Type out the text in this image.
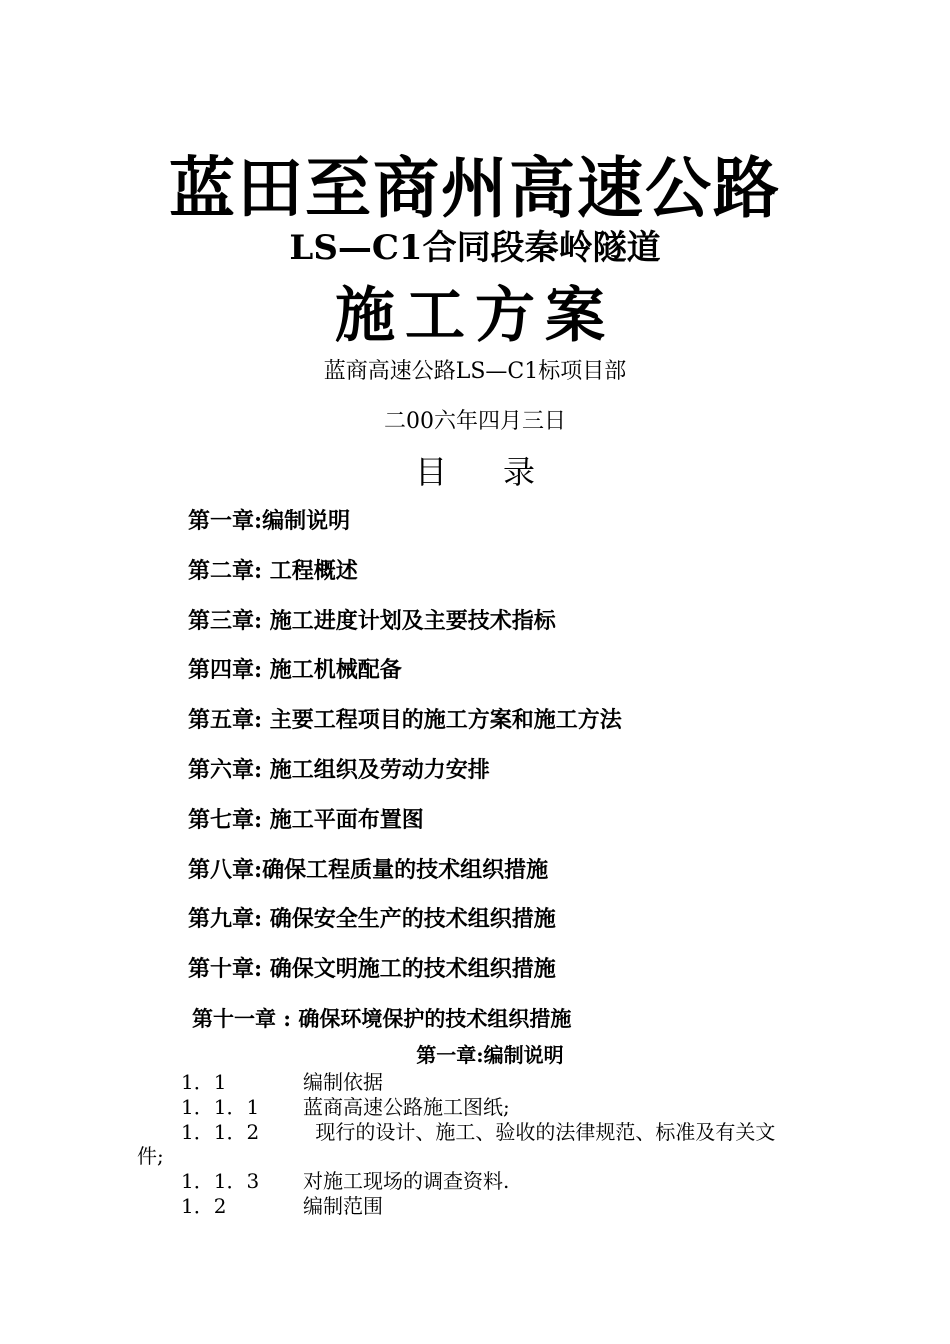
蓝田至商州高速公路
LS—C1合同段秦岭隧道
施工方案
蓝商高速公路LS—C1标项目部
二00六年四月三日
目 录
第一章:编制说明
第二章: 工程概述
第三章: 施工进度计划及主要技术指标
第四章: 施工机械配备
第五章: 主要工程项目的施工方案和施工方法
第六章: 施工组织及劳动力安排
第七章: 施工平面布置图
第八章:确保工程质量的技术组织措施
第九章: 确保安全生产的技术组织措施
第十章: 确保文明施工的技术组织措施
第十一章 : 确保环境保护的技术组织措施
第一章:编制说明
1．1	编制依据
1．1．1 蓝商高速公路施工图纸;
1．1．2 现行的设计、施工、验收的法律规范、标准及有关文
件;
1．1．3 对施工现场的调查资料.
1．2	编制范围
